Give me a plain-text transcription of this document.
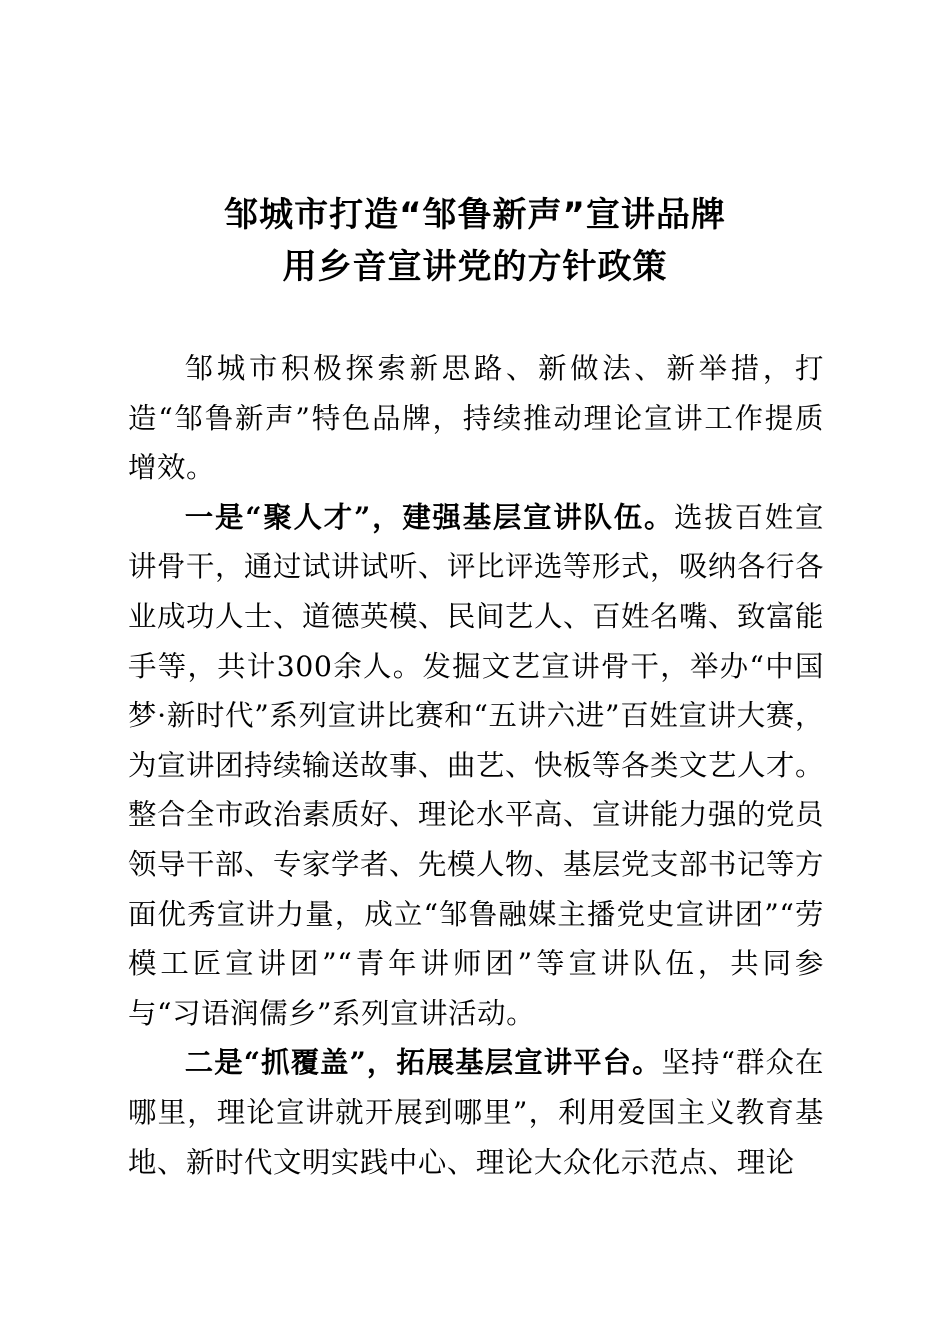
邹城市打造“邹鲁新声”宣讲品牌
用乡音宣讲党的方针政策

邹城市积极探索新思路、新做法、新举措，打造“邹鲁新声”特色品牌，持续推动理论宣讲工作提质增效。

一是“聚人才”，建强基层宣讲队伍。选拔百姓宣讲骨干，通过试讲试听、评比评选等形式，吸纳各行各业成功人士、道德英模、民间艺人、百姓名嘴、致富能手等，共计300余人。发掘文艺宣讲骨干，举办“中国梦·新时代”系列宣讲比赛和“五讲六进”百姓宣讲大赛，为宣讲团持续输送故事、曲艺、快板等各类文艺人才。整合全市政治素质好、理论水平高、宣讲能力强的党员领导干部、专家学者、先模人物、基层党支部书记等方面优秀宣讲力量，成立“邹鲁融媒主播党史宣讲团”“劳模工匠宣讲团”“青年讲师团”等宣讲队伍，共同参与“习语润儒乡”系列宣讲活动。

二是“抓覆盖”，拓展基层宣讲平台。坚持“群众在哪里，理论宣讲就开展到哪里”，利用爱国主义教育基地、新时代文明实践中心、理论大众化示范点、理论
